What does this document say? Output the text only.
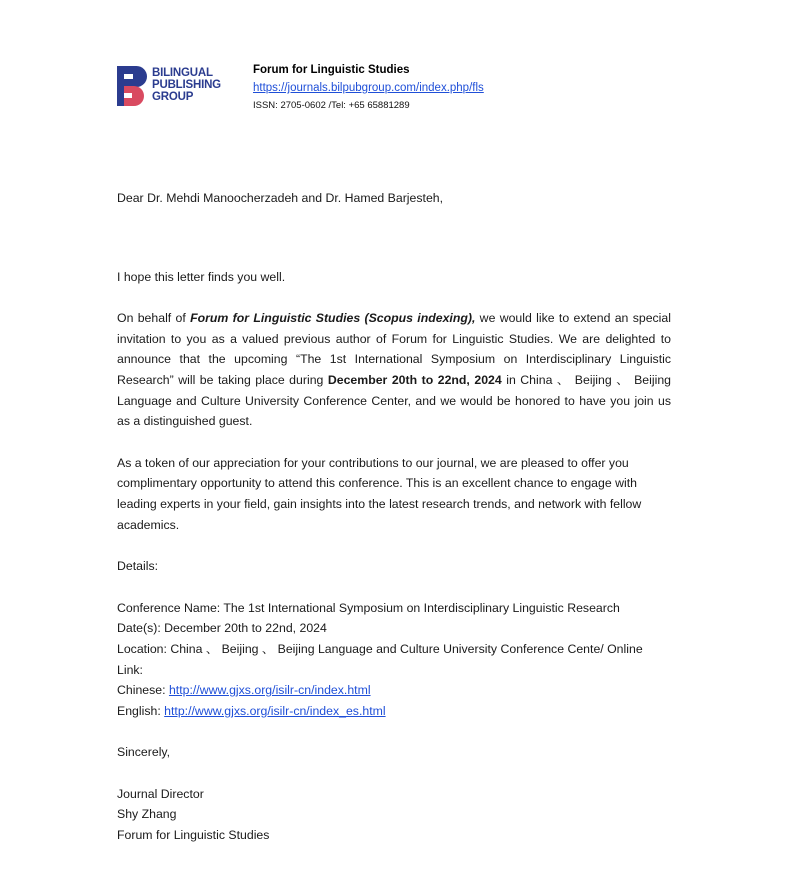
BILINGUAL
PUBLISHING
GROUP
Forum for Linguistic Studies
https://journals.bilpubgroup.com/index.php/fls
ISSN: 2705-0602 /Tel: +65 65881289

Dear Dr. Mehdi Manoocherzadeh and Dr. Hamed Barjesteh,

I hope this letter finds you well.

On behalf of Forum for Linguistic Studies (Scopus indexing), we would like to extend an special invitation to you as a valued previous author of Forum for Linguistic Studies. We are delighted to announce that the upcoming “The 1st International Symposium on Interdisciplinary Linguistic Research” will be taking place during December 20th to 22nd, 2024 in China 、 Beijing 、 Beijing Language and Culture University Conference Center, and we would be honored to have you join us as a distinguished guest.

As a token of our appreciation for your contributions to our journal, we are pleased to offer you complimentary opportunity to attend this conference. This is an excellent chance to engage with leading experts in your field, gain insights into the latest research trends, and network with fellow academics.

Details:

Conference Name: The 1st International Symposium on Interdisciplinary Linguistic Research

Date(s): December 20th to 22nd, 2024

Location: China 、 Beijing 、 Beijing Language and Culture University Conference Cente/ Online

Link:

Chinese: http://www.gjxs.org/isilr-cn/index.html

English: http://www.gjxs.org/isilr-cn/index_es.html

Sincerely,

Journal Director

Shy Zhang

Forum for Linguistic Studies
